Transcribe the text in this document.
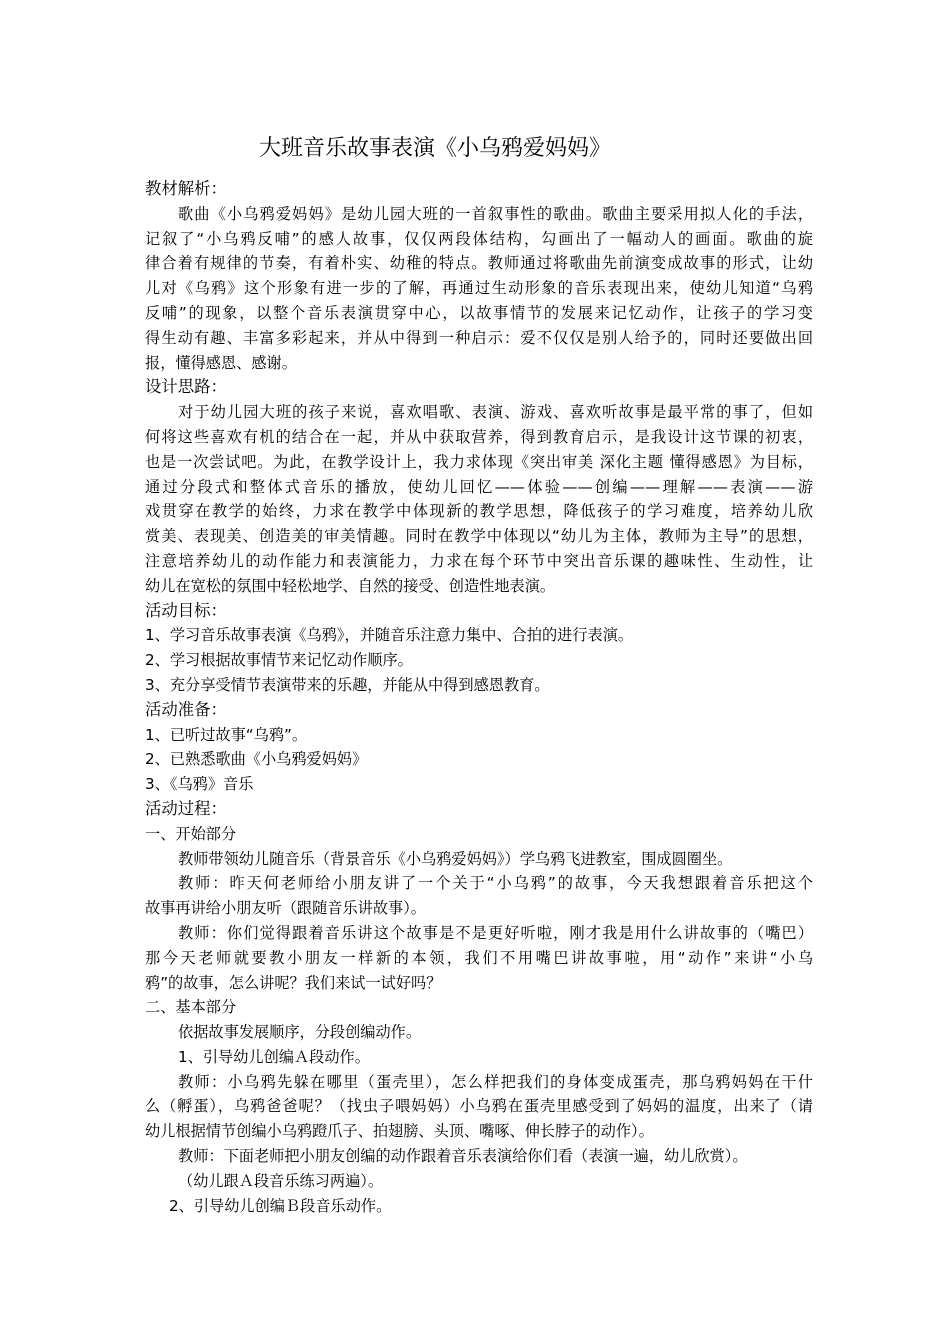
大班音乐故事表演《小乌鸦爱妈妈》
教材解析：
歌曲《小乌鸦爱妈妈》是幼儿园大班的一首叙事性的歌曲。歌曲主要采用拟人化的手法，
记叙了“小乌鸦反哺”的感人故事，仅仅两段体结构，勾画出了一幅动人的画面。歌曲的旋
律合着有规律的节奏，有着朴实、幼稚的特点。教师通过将歌曲先前演变成故事的形式，让幼
儿对《乌鸦》这个形象有进一步的了解，再通过生动形象的音乐表现出来，使幼儿知道“乌鸦
反哺”的现象，以整个音乐表演贯穿中心，以故事情节的发展来记忆动作，让孩子的学习变
得生动有趣、丰富多彩起来，并从中得到一种启示：爱不仅仅是别人给予的，同时还要做出回
报，懂得感恩、感谢。
设计思路：
对于幼儿园大班的孩子来说，喜欢唱歌、表演、游戏、喜欢听故事是最平常的事了，但如
何将这些喜欢有机的结合在一起，并从中获取营养，得到教育启示，是我设计这节课的初衷，
也是一次尝试吧。为此，在教学设计上，我力求体现《突出审美 深化主题 懂得感恩》为目标，
通过分段式和整体式音乐的播放，使幼儿回忆——体验——创编——理解——表演——游
戏贯穿在教学的始终，力求在教学中体现新的教学思想，降低孩子的学习难度，培养幼儿欣
赏美、表现美、创造美的审美情趣。同时在教学中体现以“幼儿为主体，教师为主导”的思想，
注意培养幼儿的动作能力和表演能力，力求在每个环节中突出音乐课的趣味性、生动性，让
幼儿在宽松的氛围中轻松地学、自然的接受、创造性地表演。
活动目标：
1、学习音乐故事表演《乌鸦》，并随音乐注意力集中、合拍的进行表演。
2、学习根据故事情节来记忆动作顺序。
3、充分享受情节表演带来的乐趣，并能从中得到感恩教育。
活动准备：
1、已听过故事“乌鸦”。
2、已熟悉歌曲《小乌鸦爱妈妈》
3、《乌鸦》音乐
活动过程：
一、开始部分
教师带领幼儿随音乐（背景音乐《小乌鸦爱妈妈》）学乌鸦飞进教室，围成圆圈坐。
教师：昨天何老师给小朋友讲了一个关于“小乌鸦”的故事，今天我想跟着音乐把这个
故事再讲给小朋友听（跟随音乐讲故事）。
教师：你们觉得跟着音乐讲这个故事是不是更好听啦，刚才我是用什么讲故事的（嘴巴）
那今天老师就要教小朋友一样新的本领，我们不用嘴巴讲故事啦，用“动作”来讲“小乌
鸦”的故事，怎么讲呢？我们来试一试好吗？
二、基本部分
依据故事发展顺序，分段创编动作。
1、引导幼儿创编Ａ段动作。
教师：小乌鸦先躲在哪里（蛋壳里），怎么样把我们的身体变成蛋壳，那乌鸦妈妈在干什
么（孵蛋），乌鸦爸爸呢？（找虫子喂妈妈）小乌鸦在蛋壳里感受到了妈妈的温度，出来了（请
幼儿根据情节创编小乌鸦蹬爪子、拍翅膀、头顶、嘴啄、伸长脖子的动作）。
教师：下面老师把小朋友创编的动作跟着音乐表演给你们看（表演一遍，幼儿欣赏）。
（幼儿跟Ａ段音乐练习两遍）。
2、引导幼儿创编Ｂ段音乐动作。
